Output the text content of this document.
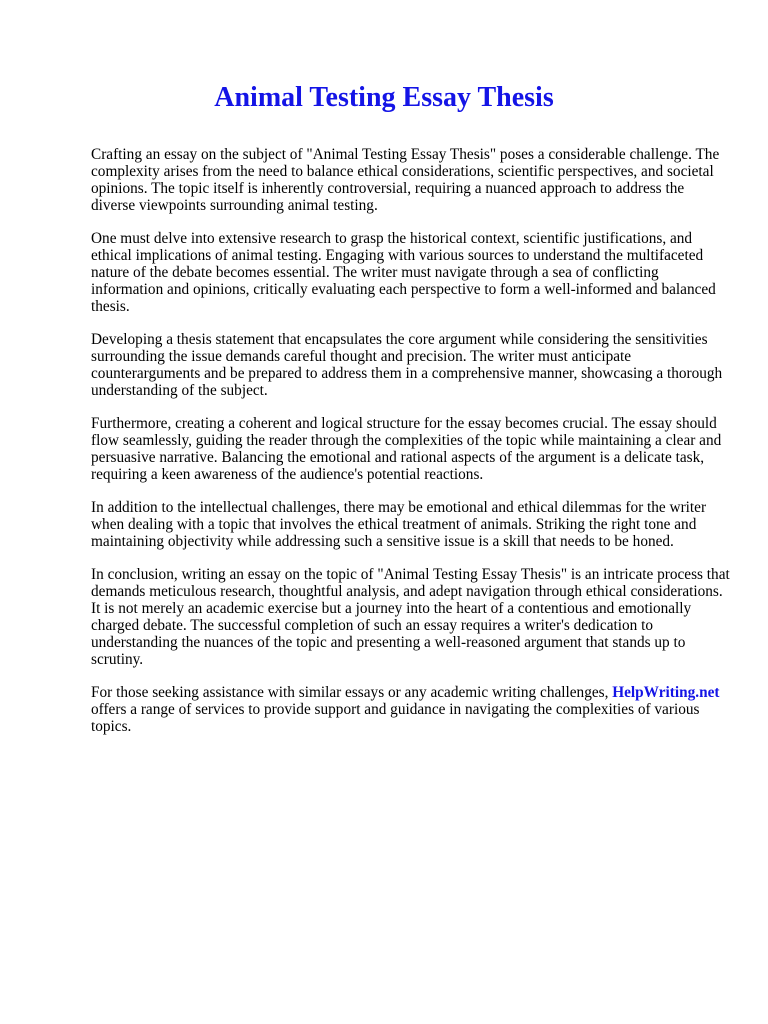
Animal Testing Essay Thesis

Crafting an essay on the subject of "Animal Testing Essay Thesis" poses a considerable challenge. The complexity arises from the need to balance ethical considerations, scientific perspectives, and societal opinions. The topic itself is inherently controversial, requiring a nuanced approach to address the diverse viewpoints surrounding animal testing.

One must delve into extensive research to grasp the historical context, scientific justifications, and ethical implications of animal testing. Engaging with various sources to understand the multifaceted nature of the debate becomes essential. The writer must navigate through a sea of conflicting information and opinions, critically evaluating each perspective to form a well-informed and balanced thesis.

Developing a thesis statement that encapsulates the core argument while considering the sensitivities surrounding the issue demands careful thought and precision. The writer must anticipate counterarguments and be prepared to address them in a comprehensive manner, showcasing a thorough understanding of the subject.

Furthermore, creating a coherent and logical structure for the essay becomes crucial. The essay should flow seamlessly, guiding the reader through the complexities of the topic while maintaining a clear and persuasive narrative. Balancing the emotional and rational aspects of the argument is a delicate task, requiring a keen awareness of the audience's potential reactions.

In addition to the intellectual challenges, there may be emotional and ethical dilemmas for the writer when dealing with a topic that involves the ethical treatment of animals. Striking the right tone and maintaining objectivity while addressing such a sensitive issue is a skill that needs to be honed.

In conclusion, writing an essay on the topic of "Animal Testing Essay Thesis" is an intricate process that demands meticulous research, thoughtful analysis, and adept navigation through ethical considerations. It is not merely an academic exercise but a journey into the heart of a contentious and emotionally charged debate. The successful completion of such an essay requires a writer's dedication to understanding the nuances of the topic and presenting a well-reasoned argument that stands up to scrutiny.

For those seeking assistance with similar essays or any academic writing challenges, HelpWriting.net offers a range of services to provide support and guidance in navigating the complexities of various topics.
